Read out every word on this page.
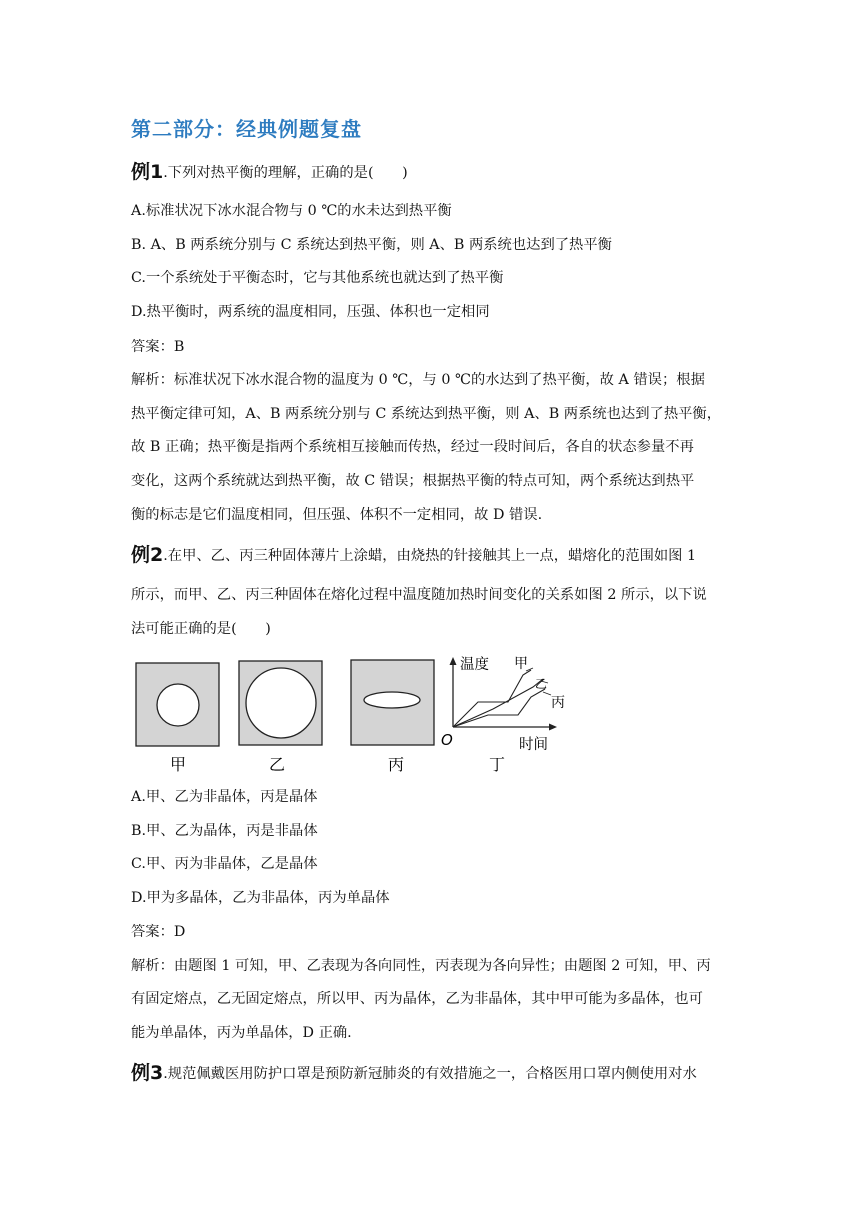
第二部分：经典例题复盘
例1.下列对热平衡的理解，正确的是(　　)
A.标准状况下冰水混合物与 0 ℃的水未达到热平衡
B. A、B 两系统分别与 C 系统达到热平衡，则 A、B 两系统也达到了热平衡
C.一个系统处于平衡态时，它与其他系统也就达到了热平衡
D.热平衡时，两系统的温度相同，压强、体积也一定相同
答案：B
解析：标准状况下冰水混合物的温度为 0 ℃，与 0 ℃的水达到了热平衡，故 A 错误；根据
热平衡定律可知，A、B 两系统分别与 C 系统达到热平衡，则 A、B 两系统也达到了热平衡，
故 B 正确；热平衡是指两个系统相互接触而传热，经过一段时间后，各自的状态参量不再
变化，这两个系统就达到热平衡，故 C 错误；根据热平衡的特点可知，两个系统达到热平
衡的标志是它们温度相同，但压强、体积不一定相同，故 D 错误.
例2.在甲、乙、丙三种固体薄片上涂蜡，由烧热的针接触其上一点，蜡熔化的范围如图 1
所示，而甲、乙、丙三种固体在熔化过程中温度随加热时间变化的关系如图 2 所示，以下说
法可能正确的是(　　)
甲	乙	丙
温度
时间
O
甲
乙
丙
丁
A.甲、乙为非晶体，丙是晶体
B.甲、乙为晶体，丙是非晶体
C.甲、丙为非晶体，乙是晶体
D.甲为多晶体，乙为非晶体，丙为单晶体
答案：D
解析：由题图 1 可知，甲、乙表现为各向同性，丙表现为各向异性；由题图 2 可知，甲、丙
有固定熔点，乙无固定熔点，所以甲、丙为晶体，乙为非晶体，其中甲可能为多晶体，也可
能为单晶体，丙为单晶体，D 正确.
例3.规范佩戴医用防护口罩是预防新冠肺炎的有效措施之一，合格医用口罩内侧使用对水
